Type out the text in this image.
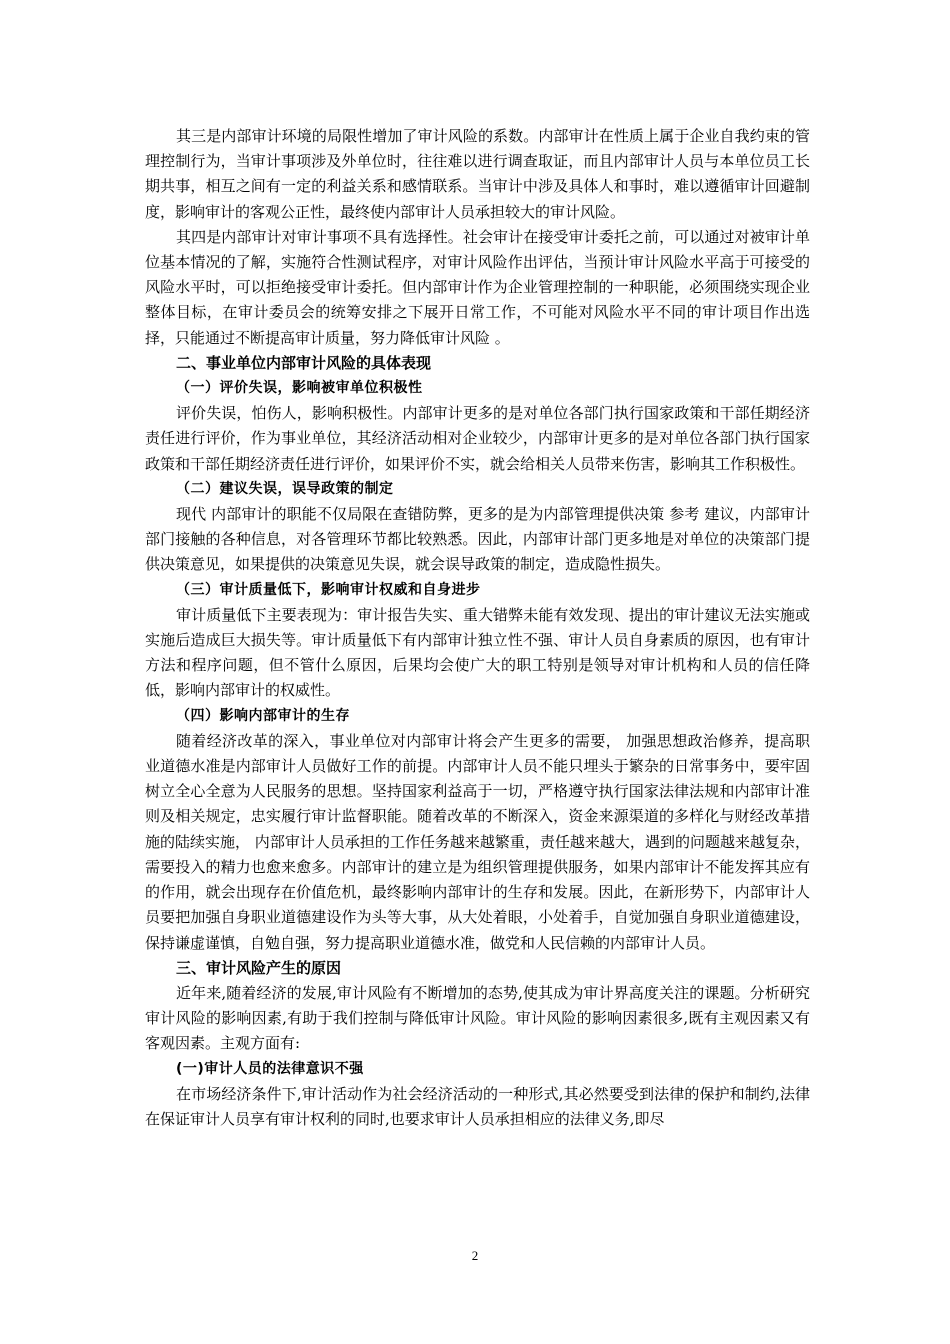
其三是内部审计环境的局限性增加了审计风险的系数。内部审计在性质上属于企业自我约束的管理控制行为，当审计事项涉及外单位时，往往难以进行调查取证，而且内部审计人员与本单位员工长期共事，相互之间有一定的利益关系和感情联系。当审计中涉及具体人和事时，难以遵循审计回避制度，影响审计的客观公正性，最终使内部审计人员承担较大的审计风险。

其四是内部审计对审计事项不具有选择性。社会审计在接受审计委托之前，可以通过对被审计单位基本情况的了解，实施符合性测试程序，对审计风险作出评估，当预计审计风险水平高于可接受的风险水平时，可以拒绝接受审计委托。但内部审计作为企业管理控制的一种职能，必须围绕实现企业整体目标，在审计委员会的统筹安排之下展开日常工作，不可能对风险水平不同的审计项目作出选择，只能通过不断提高审计质量，努力降低审计风险 。

二、事业单位内部审计风险的具体表现

（一）评价失误，影响被审单位积极性

评价失误，怕伤人，影响积极性。内部审计更多的是对单位各部门执行国家政策和干部任期经济责任进行评价，作为事业单位，其经济活动相对企业较少，内部审计更多的是对单位各部门执行国家政策和干部任期经济责任进行评价，如果评价不实，就会给相关人员带来伤害，影响其工作积极性。

（二）建议失误，误导政策的制定

现代 内部审计的职能不仅局限在查错防弊，更多的是为内部管理提供决策 参考 建议，内部审计部门接触的各种信息，对各管理环节都比较熟悉。因此，内部审计部门更多地是对单位的决策部门提供决策意见，如果提供的决策意见失误，就会误导政策的制定，造成隐性损失。

（三）审计质量低下，影响审计权威和自身进步

审计质量低下主要表现为：审计报告失实、重大错弊未能有效发现、提出的审计建议无法实施或实施后造成巨大损失等。审计质量低下有内部审计独立性不强、审计人员自身素质的原因，也有审计方法和程序问题，但不管什么原因，后果均会使广大的职工特别是领导对审计机构和人员的信任降低，影响内部审计的权威性。

（四）影响内部审计的生存

随着经济改革的深入，事业单位对内部审计将会产生更多的需要， 加强思想政治修养，提高职业道德水准是内部审计人员做好工作的前提。内部审计人员不能只埋头于繁杂的日常事务中，要牢固树立全心全意为人民服务的思想。坚持国家利益高于一切，严格遵守执行国家法律法规和内部审计准则及相关规定，忠实履行审计监督职能。随着改革的不断深入，资金来源渠道的多样化与财经改革措施的陆续实施， 内部审计人员承担的工作任务越来越繁重，责任越来越大，遇到的问题越来越复杂，需要投入的精力也愈来愈多。内部审计的建立是为组织管理提供服务，如果内部审计不能发挥其应有的作用，就会出现存在价值危机，最终影响内部审计的生存和发展。因此，在新形势下，内部审计人员要把加强自身职业道德建设作为头等大事，从大处着眼，小处着手，自觉加强自身职业道德建设，保持谦虚谨慎，自勉自强，努力提高职业道德水准，做党和人民信赖的内部审计人员。

三、审计风险产生的原因

近年来,随着经济的发展,审计风险有不断增加的态势,使其成为审计界高度关注的课题。分析研究审计风险的影响因素,有助于我们控制与降低审计风险。审计风险的影响因素很多,既有主观因素又有客观因素。主观方面有:

(一)审计人员的法律意识不强

在市场经济条件下,审计活动作为社会经济活动的一种形式,其必然要受到法律的保护和制约,法律在保证审计人员享有审计权利的同时,也要求审计人员承担相应的法律义务,即尽

2
